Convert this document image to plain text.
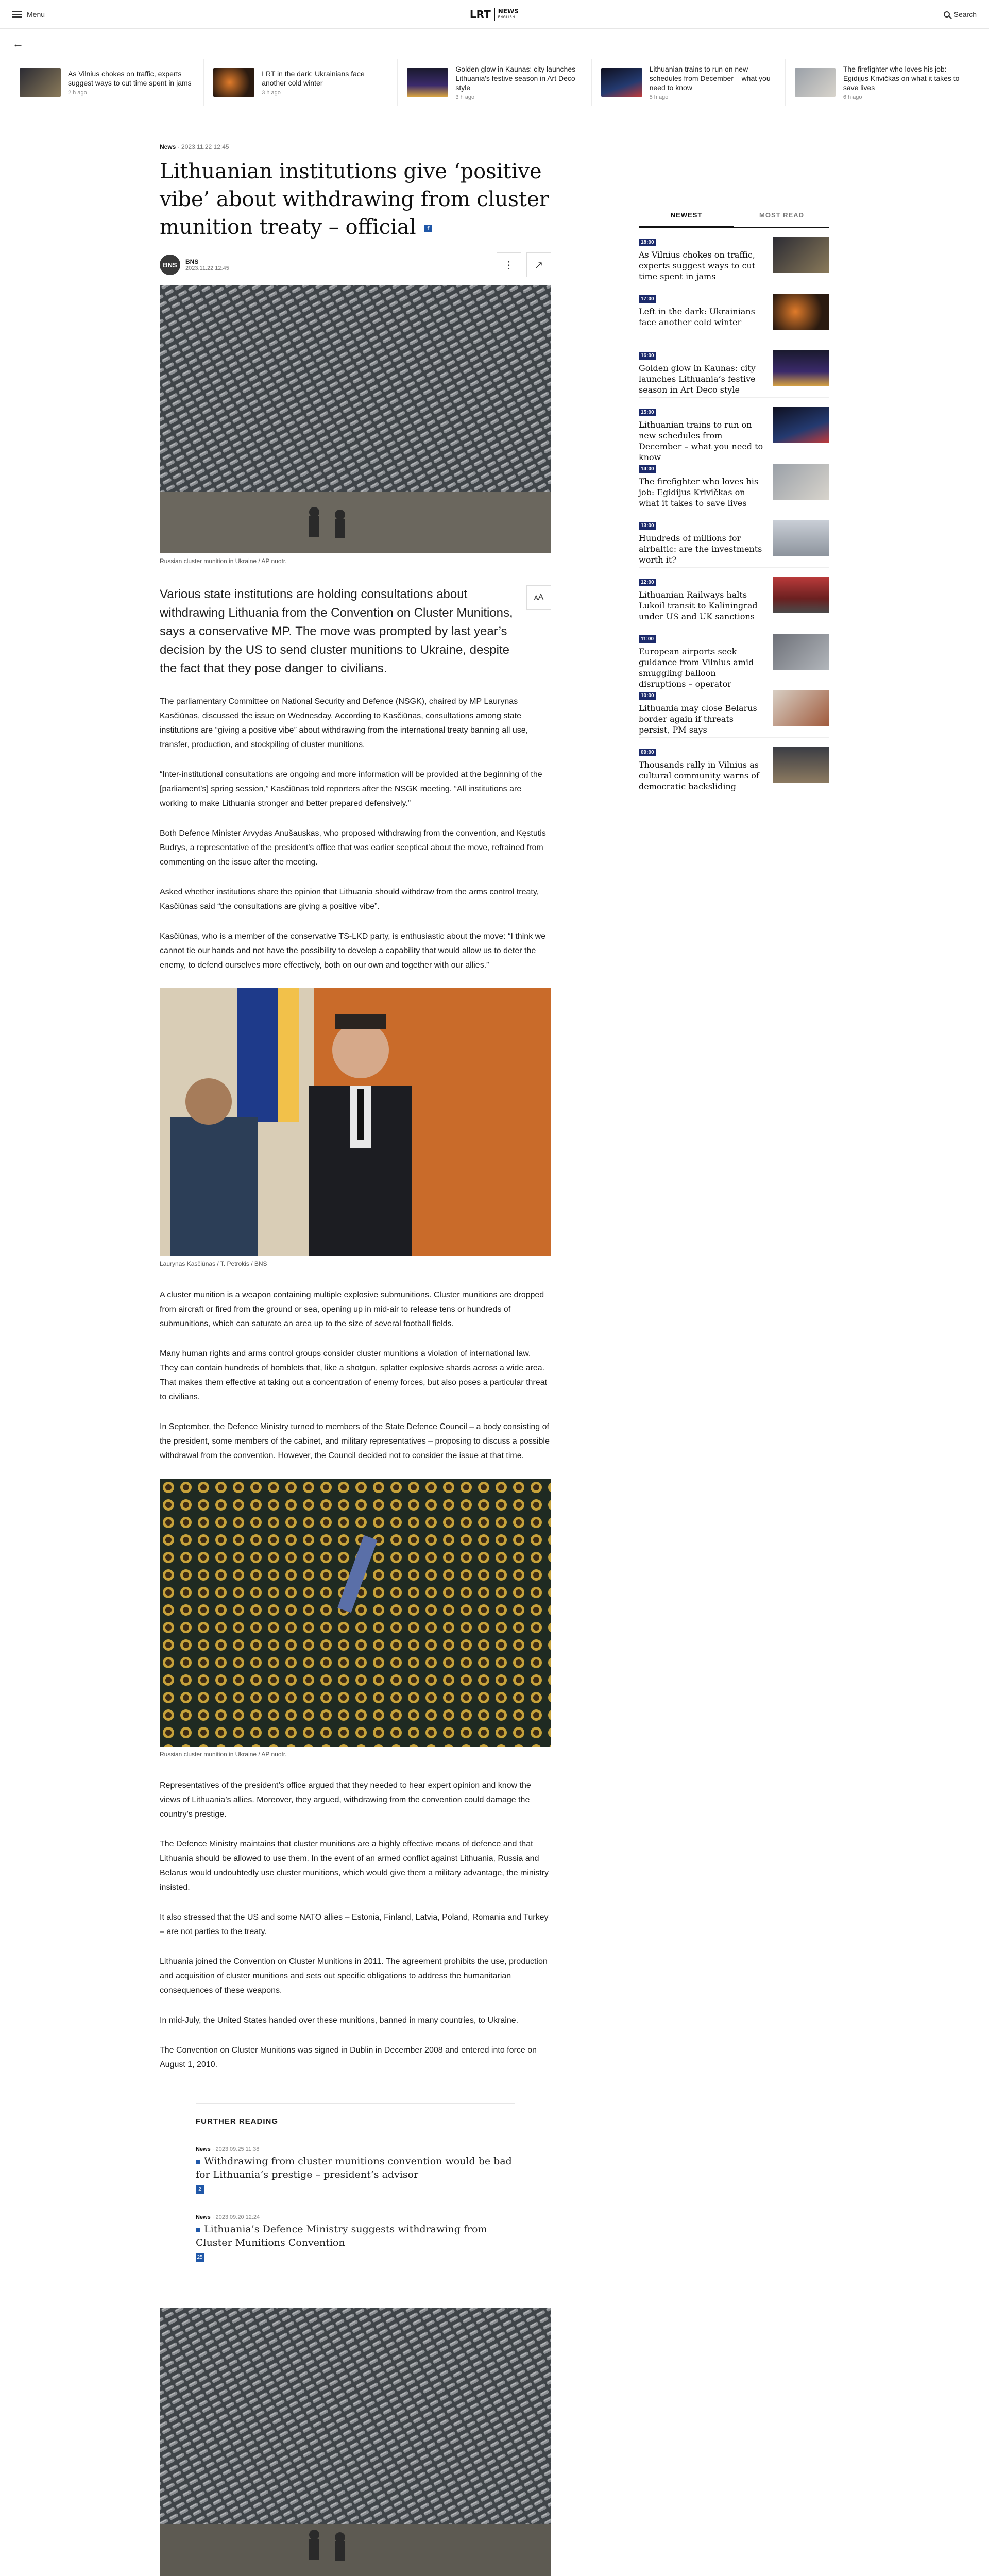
Menu	LRT NEWS
ENGLISH	Search
←
As Vilnius chokes on traffic, experts suggest ways to cut time spent in jams
2 h ago
LRT in the dark: Ukrainians face another cold winter
3 h ago
Golden glow in Kaunas: city launches Lithuania's festive season in Art Deco style
3 h ago
Lithuanian trains to run on new schedules from December – what you need to know
5 h ago
The firefighter who loves his job: Egidijus Krivičkas on what it takes to save lives
6 h ago
News · 2023.11.22 12:45
Lithuanian institutions give ‘positive vibe’ about withdrawing from cluster munition treaty – official f
BNS	BNS
2023.11.22 12:45	⋮	↗
Russian cluster munition in Ukraine / AP nuotr.

Various state institutions are holding consultations about withdrawing Lithuania from the Convention on Cluster Munitions, says a conservative MP. The move was prompted by last year’s decision by the US to send cluster munitions to Ukraine, despite the fact that they pose danger to civilians.

ᴀA

The parliamentary Committee on National Security and Defence (NSGK), chaired by MP Laurynas Kasčiūnas, discussed the issue on Wednesday. According to Kasčiūnas, consultations among state institutions are “giving a positive vibe” about withdrawing from the international treaty banning all use, transfer, production, and stockpiling of cluster munitions.

“Inter-institutional consultations are ongoing and more information will be provided at the beginning of the [parliament’s] spring session,” Kasčiūnas told reporters after the NSGK meeting. “All institutions are working to make Lithuania stronger and better prepared defensively.”

Both Defence Minister Arvydas Anušauskas, who proposed withdrawing from the convention, and Kęstutis Budrys, a representative of the president’s office that was earlier sceptical about the move, refrained from commenting on the issue after the meeting.

Asked whether institutions share the opinion that Lithuania should withdraw from the arms control treaty, Kasčiūnas said “the consultations are giving a positive vibe”.

Kasčiūnas, who is a member of the conservative TS-LKD party, is enthusiastic about the move: “I think we cannot tie our hands and not have the possibility to develop a capability that would allow us to deter the enemy, to defend ourselves more effectively, both on our own and together with our allies.”

Laurynas Kasčiūnas / T. Petrokis / BNS

A cluster munition is a weapon containing multiple explosive submunitions. Cluster munitions are dropped from aircraft or fired from the ground or sea, opening up in mid-air to release tens or hundreds of submunitions, which can saturate an area up to the size of several football fields.

Many human rights and arms control groups consider cluster munitions a violation of international law. They can contain hundreds of bomblets that, like a shotgun, splatter explosive shards across a wide area. That makes them effective at taking out a concentration of enemy forces, but also poses a particular threat to civilians.

In September, the Defence Ministry turned to members of the State Defence Council – a body consisting of the president, some members of the cabinet, and military representatives – proposing to discuss a possible withdrawal from the convention. However, the Council decided not to consider the issue at that time.

Russian cluster munition in Ukraine / AP nuotr.

Representatives of the president’s office argued that they needed to hear expert opinion and know the views of Lithuania’s allies. Moreover, they argued, withdrawing from the convention could damage the country’s prestige.

The Defence Ministry maintains that cluster munitions are a highly effective means of defence and that Lithuania should be allowed to use them. In the event of an armed conflict against Lithuania, Russia and Belarus would undoubtedly use cluster munitions, which would give them a military advantage, the ministry insisted.

It also stressed that the US and some NATO allies – Estonia, Finland, Latvia, Poland, Romania and Turkey – are not parties to the treaty.

Lithuania joined the Convention on Cluster Munitions in 2011. The agreement prohibits the use, production and acquisition of cluster munitions and sets out specific obligations to address the humanitarian consequences of these weapons.

In mid-July, the United States handed over these munitions, banned in many countries, to Ukraine.

The Convention on Cluster Munitions was signed in Dublin in December 2008 and entered into force on August 1, 2010.

FURTHER READING
News · 2023.09.25 11:38
Withdrawing from cluster munitions convention would be bad for Lithuania’s prestige – president’s advisor
2
News · 2023.09.20 12:24
Lithuania’s Defence Ministry suggests withdrawing from Cluster Munitions Convention
25
NEWEST	MOST READ
18:00
As Vilnius chokes on traffic, experts suggest ways to cut time spent in jams
17:00
Left in the dark: Ukrainians face another cold winter
16:00
Golden glow in Kaunas: city launches Lithuania’s festive season in Art Deco style
15:00
Lithuanian trains to run on new schedules from December – what you need to know
14:00
The firefighter who loves his job: Egidijus Krivičkas on what it takes to save lives
13:00
Hundreds of millions for airbaltic: are the investments worth it?
12:00
Lithuanian Railways halts Lukoil transit to Kaliningrad under US and UK sanctions
11:00
European airports seek guidance from Vilnius amid smuggling balloon disruptions – operator
10:00
Lithuania may close Belarus border again if threats persist, PM says
09:00
Thousands rally in Vilnius as cultural community warns of democratic backsliding
